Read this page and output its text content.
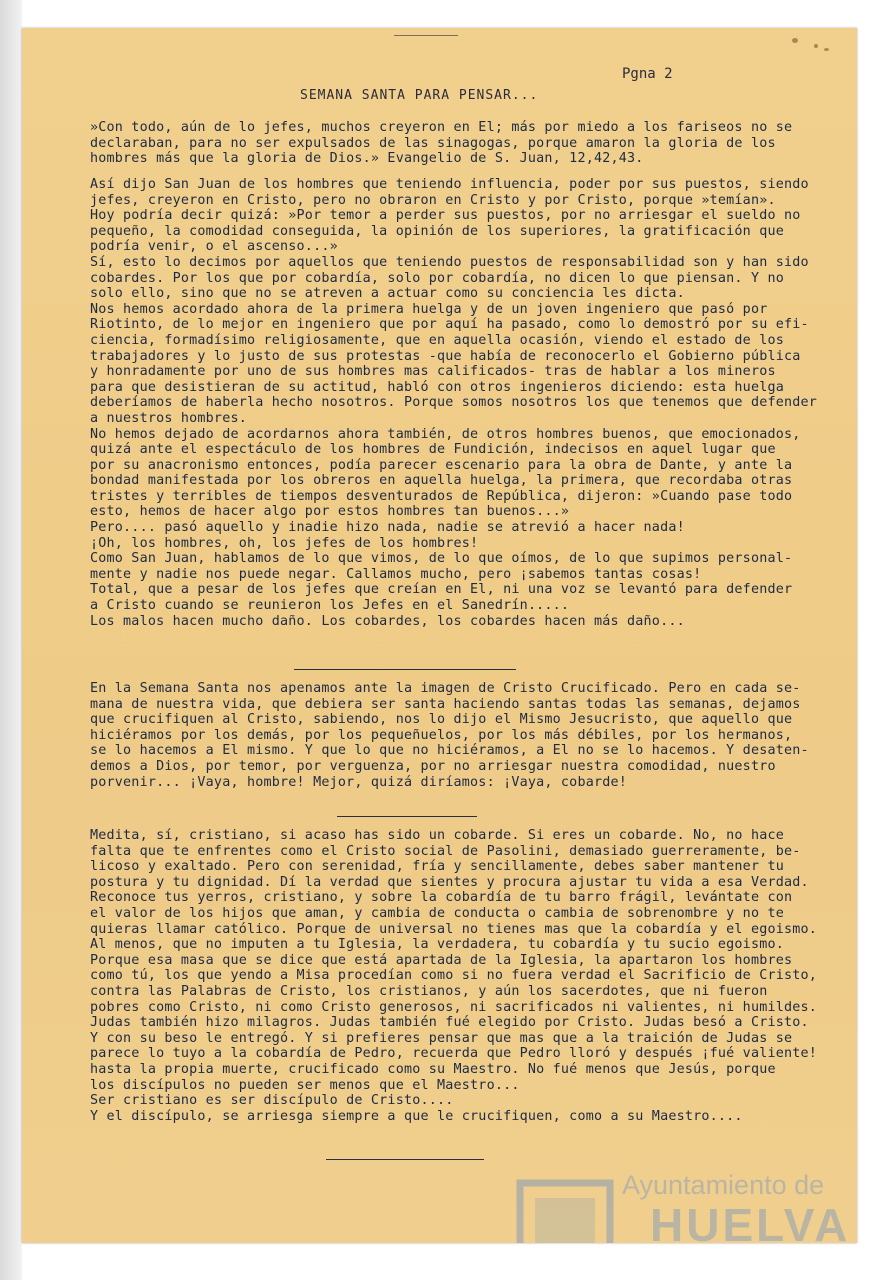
Pgna 2
SEMANA SANTA PARA PENSAR...
»Con todo, aún de lo jefes, muchos creyeron en El; más por miedo a los fariseos no se
declaraban, para no ser expulsados de las sinagogas, porque amaron la gloria de los
hombres más que la gloria de Dios.» Evangelio de S. Juan, 12,42,43.
Así dijo San Juan de los hombres que teniendo influencia, poder por sus puestos, siendo
jefes, creyeron en Cristo, pero no obraron en Cristo y por Cristo, porque »temían».
Hoy podría decir quizá: »Por temor a perder sus puestos, por no arriesgar el sueldo no
pequeño, la comodidad conseguida, la opinión de los superiores, la gratificación que
podría venir, o el ascenso...»
Sí, esto lo decimos por aquellos que teniendo puestos de responsabilidad son y han sido
cobardes. Por los que por cobardía, solo por cobardía, no dicen lo que piensan. Y no
solo ello, sino que no se atreven a actuar como su conciencia les dicta.
Nos hemos acordado ahora de la primera huelga y de un joven ingeniero que pasó por
Riotinto, de lo mejor en ingeniero que por aquí ha pasado, como lo demostró por su efi-
ciencia, formadísimo religiosamente, que en aquella ocasión, viendo el estado de los
trabajadores y lo justo de sus protestas -que había de reconocerlo el Gobierno pública
y honradamente por uno de sus hombres mas calificados- tras de hablar a los mineros
para que desistieran de su actitud, habló con otros ingenieros diciendo: esta huelga
deberíamos de haberla hecho nosotros. Porque somos nosotros los que tenemos que defender
a nuestros hombres.
No hemos dejado de acordarnos ahora también, de otros hombres buenos, que emocionados,
quizá ante el espectáculo de los hombres de Fundición, indecisos en aquel lugar que
por su anacronismo entonces, podía parecer escenario para la obra de Dante, y ante la
bondad manifestada por los obreros en aquella huelga, la primera, que recordaba otras
tristes y terribles de tiempos desventurados de República, dijeron: »Cuando pase todo
esto, hemos de hacer algo por estos hombres tan buenos...»
Pero.... pasó aquello y inadie hizo nada, nadie se atrevió a hacer nada!
¡Oh, los hombres, oh, los jefes de los hombres!
Como San Juan, hablamos de lo que vimos, de lo que oímos, de lo que supimos personal-
mente y nadie nos puede negar. Callamos mucho, pero ¡sabemos tantas cosas!
Total, que a pesar de los jefes que creían en El, ni una voz se levantó para defender
a Cristo cuando se reunieron los Jefes en el Sanedrín.....
Los malos hacen mucho daño. Los cobardes, los cobardes hacen más daño...
En la Semana Santa nos apenamos ante la imagen de Cristo Crucificado. Pero en cada se-
mana de nuestra vida, que debiera ser santa haciendo santas todas las semanas, dejamos
que crucifiquen al Cristo, sabiendo, nos lo dijo el Mismo Jesucristo, que aquello que
hiciéramos por los demás, por los pequeñuelos, por los más débiles, por los hermanos,
se lo hacemos a El mismo. Y que lo que no hiciéramos, a El no se lo hacemos. Y desaten-
demos a Dios, por temor, por verguenza, por no arriesgar nuestra comodidad, nuestro
porvenir... ¡Vaya, hombre! Mejor, quizá diríamos: ¡Vaya, cobarde!
Medita, sí, cristiano, si acaso has sido un cobarde. Si eres un cobarde. No, no hace
falta que te enfrentes como el Cristo social de Pasolini, demasiado guerreramente, be-
licoso y exaltado. Pero con serenidad, fría y sencillamente, debes saber mantener tu
postura y tu dignidad. Dí la verdad que sientes y procura ajustar tu vida a esa Verdad.
Reconoce tus yerros, cristiano, y sobre la cobardía de tu barro frágil, levántate con
el valor de los hijos que aman, y cambia de conducta o cambia de sobrenombre y no te
quieras llamar católico. Porque de universal no tienes mas que la cobardía y el egoismo.
Al menos, que no imputen a tu Iglesia, la verdadera, tu cobardía y tu sucio egoismo.
Porque esa masa que se dice que está apartada de la Iglesia, la apartaron los hombres
como tú, los que yendo a Misa procedían como si no fuera verdad el Sacrificio de Cristo,
contra las Palabras de Cristo, los cristianos, y aún los sacerdotes, que ni fueron
pobres como Cristo, ni como Cristo generosos, ni sacrificados ni valientes, ni humildes.
Judas también hizo milagros. Judas también fué elegido por Cristo. Judas besó a Cristo.
Y con su beso le entregó. Y si prefieres pensar que mas que a la traición de Judas se
parece lo tuyo a la cobardía de Pedro, recuerda que Pedro lloró y después ¡fué valiente!
hasta la propia muerte, crucificado como su Maestro. No fué menos que Jesús, porque
los discípulos no pueden ser menos que el Maestro...
Ser cristiano es ser discípulo de Cristo....
Y el discípulo, se arriesga siempre a que le crucifiquen, como a su Maestro....
Ayuntamiento de
HUELVA
